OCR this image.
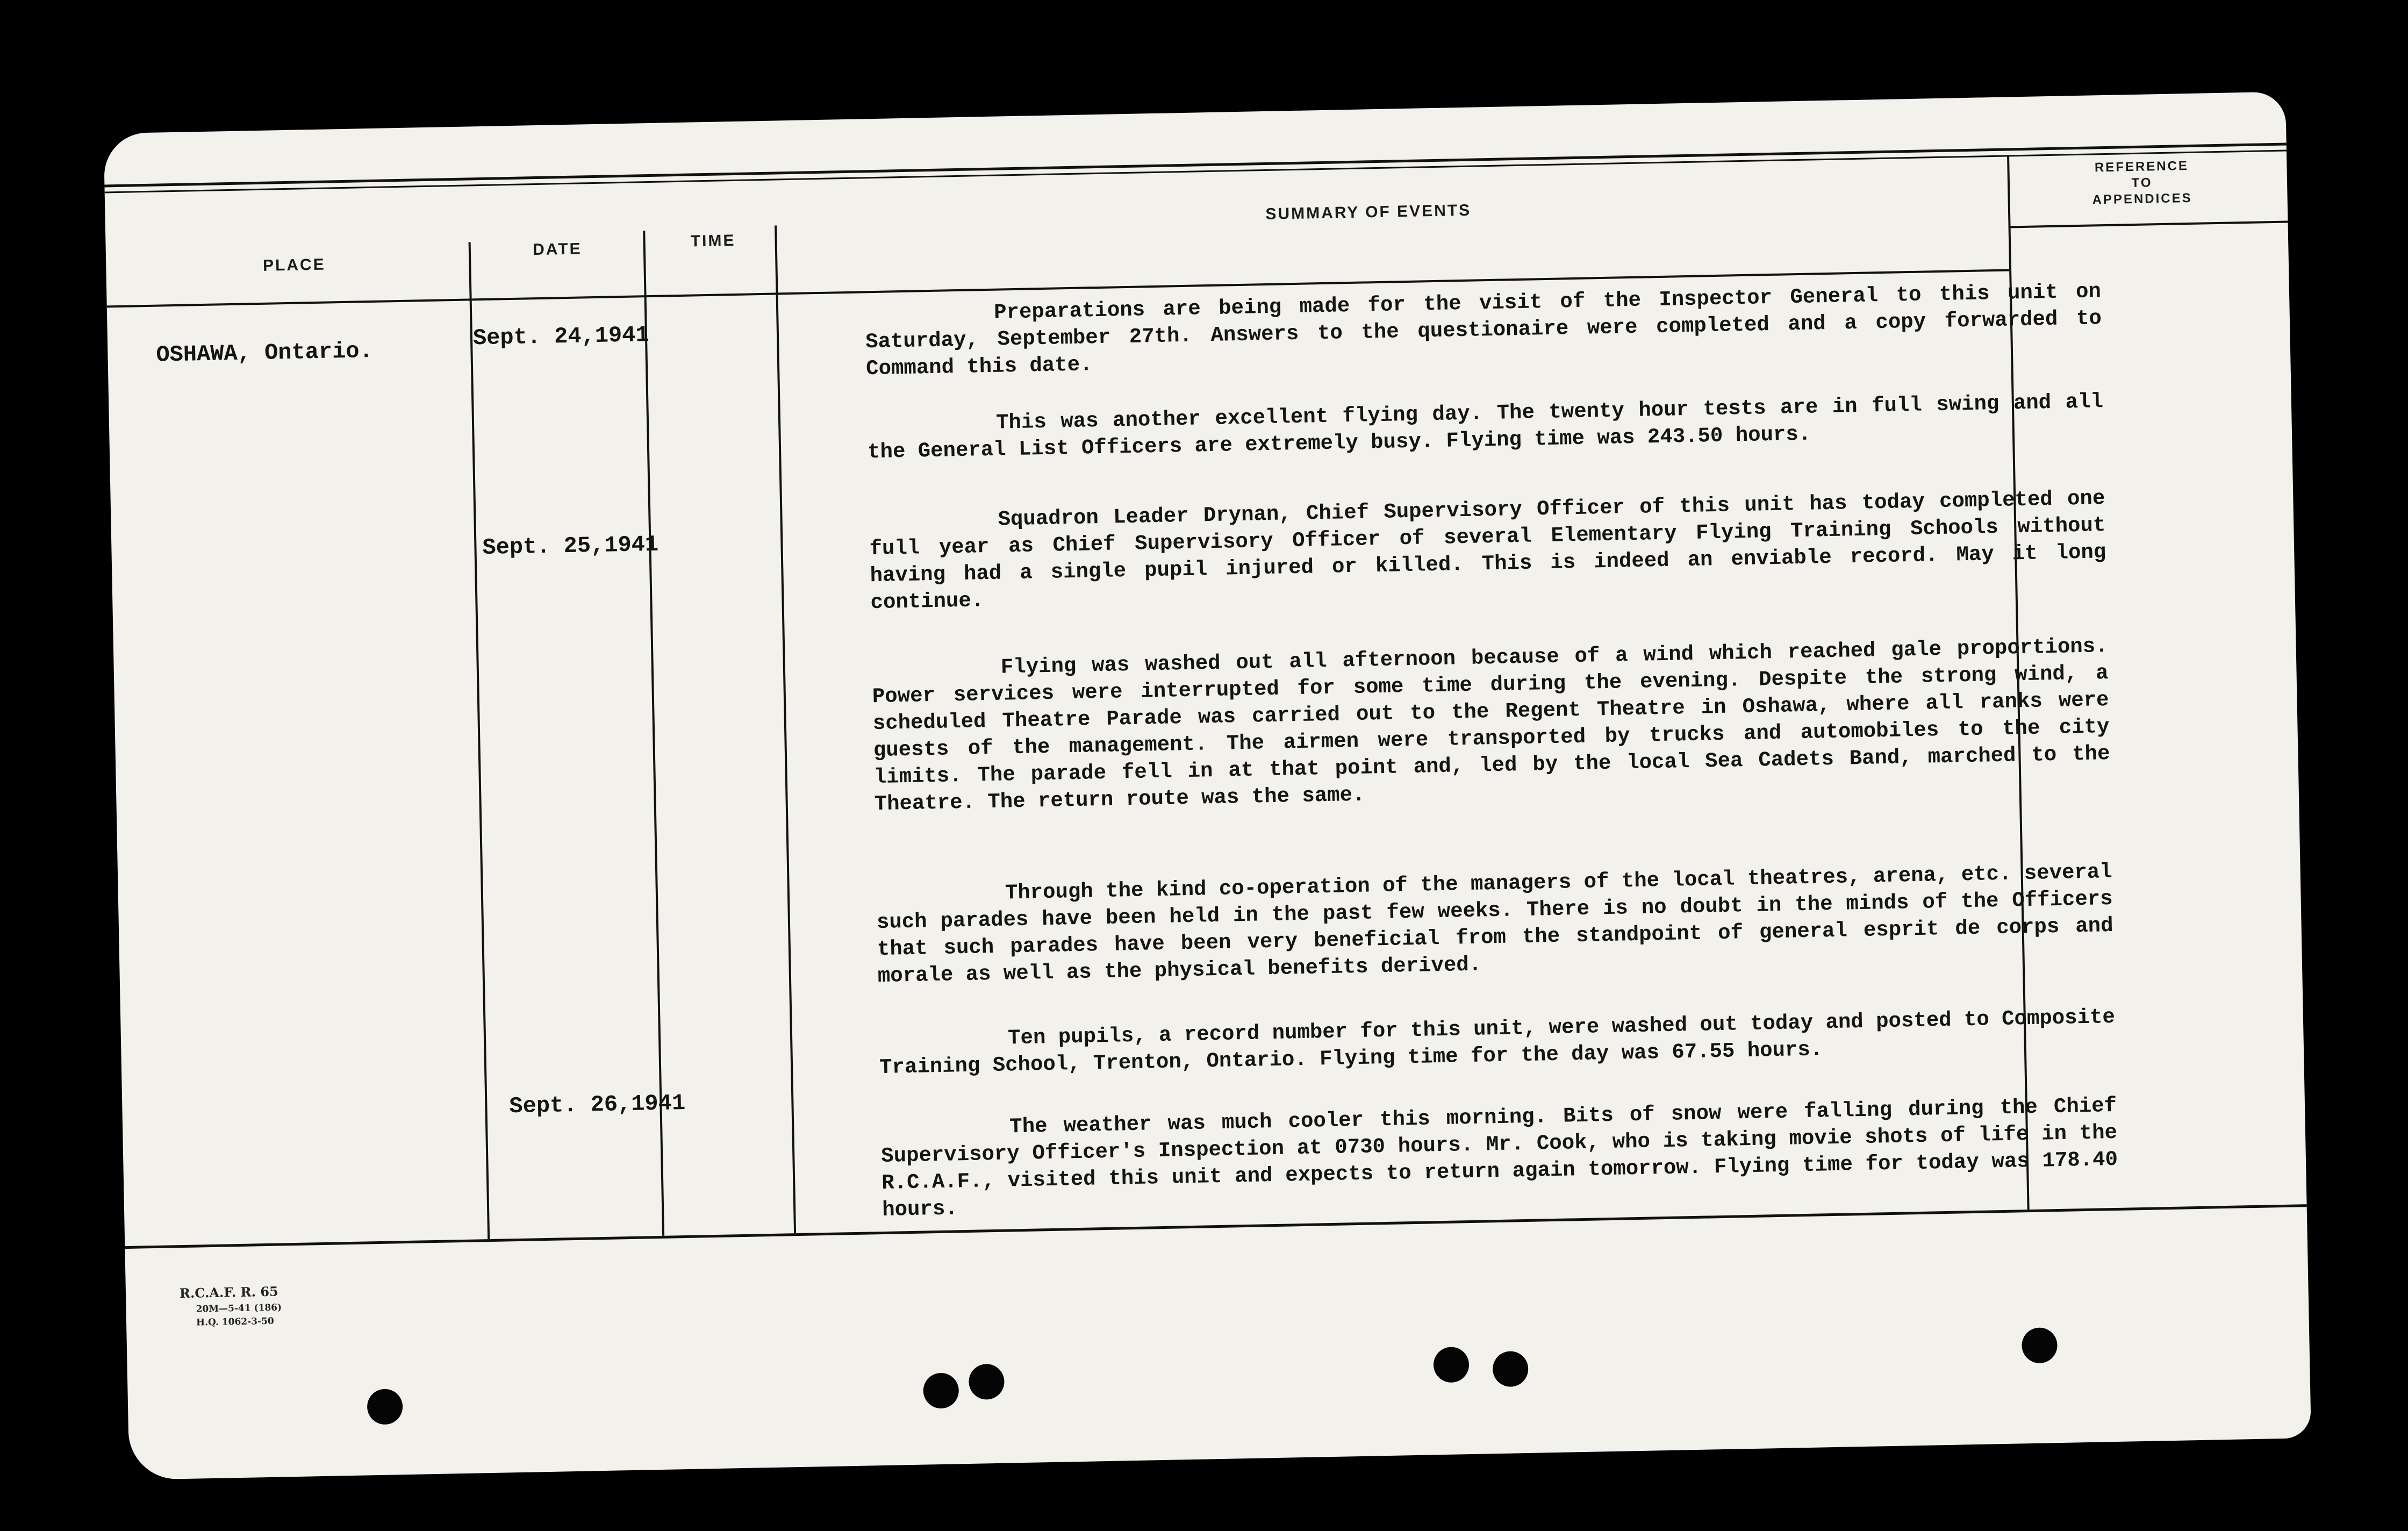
PLACE
DATE	TIME
SUMMARY OF EVENTS
REFERENCE
TO
APPENDICES
OSHAWA, Ontario.
Sept. 24,1941
Sept. 25,1941
Sept. 26,1941
Preparations are being made for the visit of the Inspector General to this unit on Saturday, September 27th. Answers to the questionaire were completed and a copy forwarded to Command this date.
This was another excellent flying day. The twenty hour tests are in full swing and all the General List Officers are extremely busy. Flying time was 243.50 hours.
Squadron Leader Drynan, Chief Supervisory Officer of this unit has today completed one full year as Chief Supervisory Officer of several Elementary Flying Training Schools without having had a single pupil injured or killed. This is indeed an enviable record. May it long continue.
Flying was washed out all afternoon because of a wind which reached gale proportions. Power services were interrupted for some time during the evening. Despite the strong wind, a scheduled Theatre Parade was carried out to the Regent Theatre in Oshawa, where all ranks were guests of the management. The airmen were transported by trucks and automobiles to the city limits. The parade fell in at that point and, led by the local Sea Cadets Band, marched to the Theatre. The return route was the same.
Through the kind co-operation of the managers of the local theatres, arena, etc. several such parades have been held in the past few weeks. There is no doubt in the minds of the Officers that such parades have been very beneficial from the standpoint of general esprit de corps and morale as well as the physical benefits derived.
Ten pupils, a record number for this unit, were washed out today and posted to Composite Training School, Trenton, Ontario. Flying time for the day was 67.55 hours.
The weather was much cooler this morning. Bits of snow were falling during the Chief Supervisory Officer's Inspection at 0730 hours. Mr. Cook, who is taking movie shots of life in the R.C.A.F., visited this unit and expects to return again tomorrow. Flying time for today was 178.40 hours.
R.C.A.F. R. 65
20M—5-41 (186)
H.Q. 1062-3-50
